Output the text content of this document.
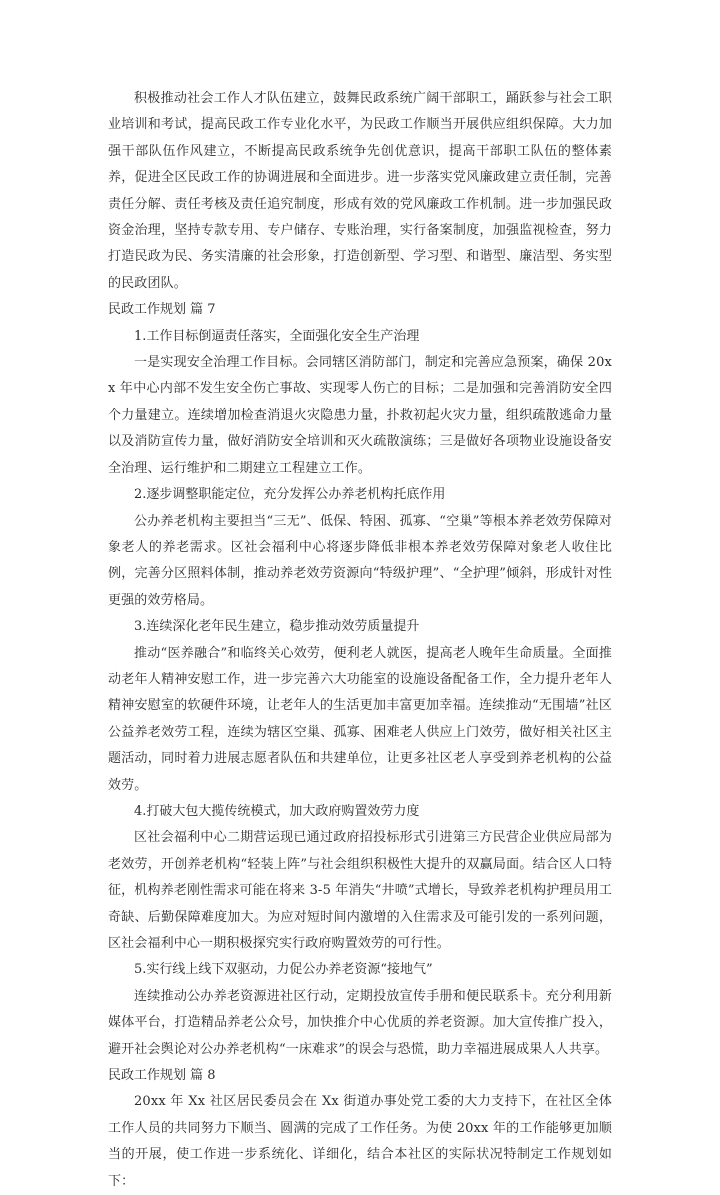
积极推动社会工作人才队伍建立，鼓舞民政系统广阔干部职工，踊跃参与社会工职业培训和考试，提高民政工作专业化水平，为民政工作顺当开展供应组织保障。大力加强干部队伍作风建立，不断提高民政系统争先创优意识，提高干部职工队伍的整体素养，促进全区民政工作的协调进展和全面进步。进一步落实党风廉政建立责任制，完善责任分解、责任考核及责任追究制度，形成有效的党风廉政工作机制。进一步加强民政资金治理，坚持专款专用、专户储存、专账治理，实行备案制度，加强监视检查，努力打造民政为民、务实清廉的社会形象，打造创新型、学习型、和谐型、廉洁型、务实型的民政团队。

民政工作规划 篇 7

1.工作目标倒逼责任落实，全面强化安全生产治理

一是实现安全治理工作目标。会同辖区消防部门，制定和完善应急预案，确保 20xx 年中心内部不发生安全伤亡事故、实现零人伤亡的目标；二是加强和完善消防安全四个力量建立。连续增加检查消退火灾隐患力量，扑救初起火灾力量，组织疏散逃命力量以及消防宣传力量，做好消防安全培训和灭火疏散演练；三是做好各项物业设施设备安全治理、运行维护和二期建立工程建立工作。

2.逐步调整职能定位，充分发挥公办养老机构托底作用

公办养老机构主要担当“三无”、低保、特困、孤寡、“空巢”等根本养老效劳保障对象老人的养老需求。区社会福利中心将逐步降低非根本养老效劳保障对象老人收住比例，完善分区照料体制，推动养老效劳资源向“特级护理”、“全护理”倾斜，形成针对性更强的效劳格局。

3.连续深化老年民生建立，稳步推动效劳质量提升

推动“医养融合”和临终关心效劳，便利老人就医，提高老人晚年生命质量。全面推动老年人精神安慰工作，进一步完善六大功能室的设施设备配备工作，全力提升老年人精神安慰室的软硬件环境，让老年人的生活更加丰富更加幸福。连续推动“无围墙”社区公益养老效劳工程，连续为辖区空巢、孤寡、困难老人供应上门效劳，做好相关社区主题活动，同时着力进展志愿者队伍和共建单位，让更多社区老人享受到养老机构的公益效劳。

4.打破大包大揽传统模式，加大政府购置效劳力度

区社会福利中心二期营运现已通过政府招投标形式引进第三方民营企业供应局部为老效劳，开创养老机构“轻装上阵”与社会组织积极性大提升的双赢局面。结合区人口特征，机构养老刚性需求可能在将来 3-5 年消失“井喷”式增长，导致养老机构护理员用工奇缺、后勤保障难度加大。为应对短时间内激增的入住需求及可能引发的一系列问题，区社会福利中心一期积极探究实行政府购置效劳的可行性。

5.实行线上线下双驱动，力促公办养老资源“接地气”

连续推动公办养老资源进社区行动，定期投放宣传手册和便民联系卡。充分利用新媒体平台，打造精品养老公众号，加快推介中心优质的养老资源。加大宣传推广投入，避开社会舆论对公办养老机构“一床难求”的误会与恐慌，助力幸福进展成果人人共享。

民政工作规划 篇 8

20xx 年 Xx 社区居民委员会在 Xx 街道办事处党工委的大力支持下，在社区全体工作人员的共同努力下顺当、圆满的完成了工作任务。为使 20xx 年的工作能够更加顺当的开展，使工作进一步系统化、详细化，结合本社区的实际状况特制定工作规划如下：
